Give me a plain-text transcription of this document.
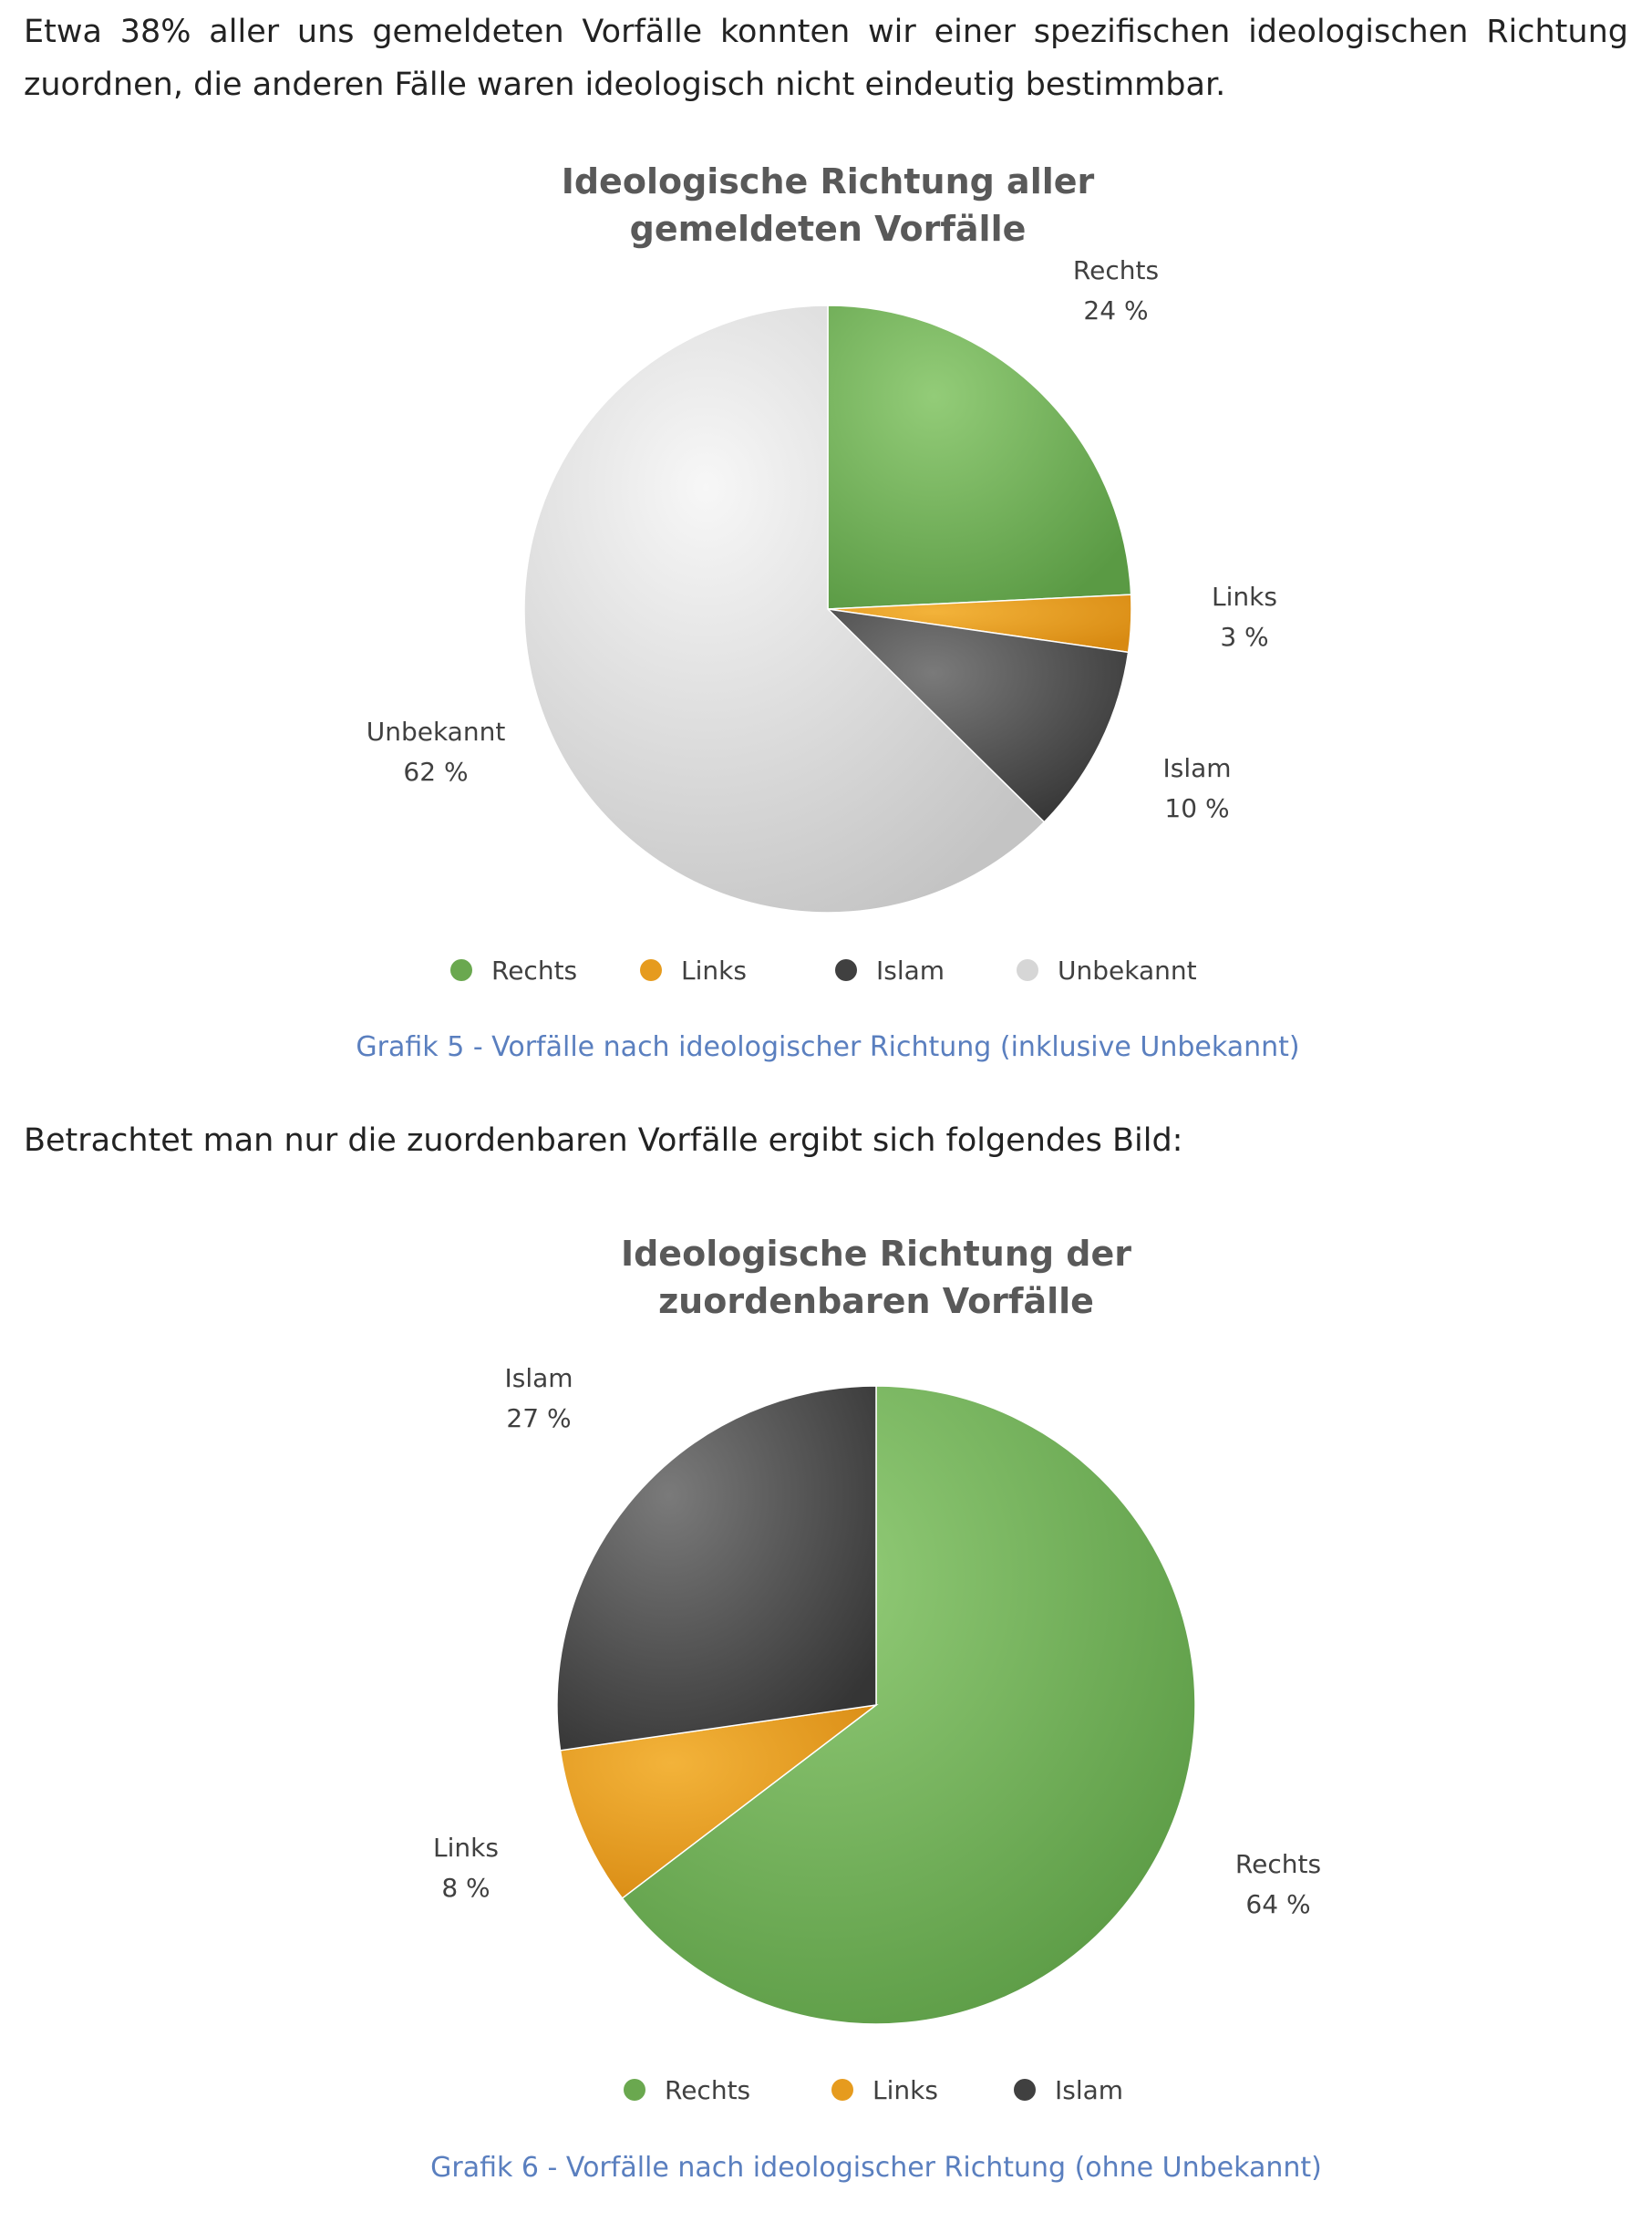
Etwa 38% aller uns gemeldeten Vorfälle konnten wir einer spezifischen ideologischen Richtung zuordnen, die anderen Fälle waren ideologisch nicht eindeutig bestimmbar.

Betrachtet man nur die zuordenbaren Vorfälle ergibt sich folgendes Bild:

Ideologische Richtung aller
gemeldeten Vorfälle
Rechts
24 %
Links
3 %
Islam
10 %
Unbekannt
62 %
Rechts	Links	Islam	Unbekannt
Grafik 5 - Vorfälle nach ideologischer Richtung (inklusive Unbekannt)
Ideologische Richtung der
zuordenbaren Vorfälle
Rechts
64 %
Links
8 %
Islam
27 %
Rechts	Links	Islam
Grafik 6 - Vorfälle nach ideologischer Richtung (ohne Unbekannt)
